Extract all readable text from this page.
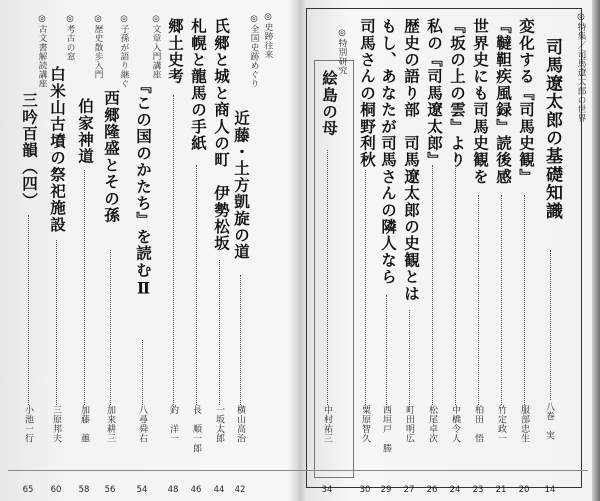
◎特集／司馬遼太郎の世界
◎特別研究
◎史跡往来
司馬遼太郎の基礎知識
八巻　実
14
変化する『司馬史観』
服部忠生
20
『韃靼疾風録』読後感
竹定政一
21
世界史にも司馬史観を
柏田　悟
23
『坂の上の雲』より
中橋令人
24
私の『司馬遼太郎』
松尾卓次
26
歴史の語り部　司馬遼太郎の史観とは
町田明広
27
もし、あなたが司馬さんの隣人なら
西垣戸　勝
29
司馬さんの桐野利秋
粟原智久
30
絵島の母
中村祐三
34
◎全国史跡めぐり
近藤・土方凱旋の道
横山高治
42
氏郷と城と商人の町　伊勢松坂
一坂太郎
44
札幌と龍馬の手紙
長　順一郎
46
郷土史考
釣　洋一
48
◎文章入門講座
『この国のかたち』を読むⅡ
八尋舜右
54
◎子孫が語り継ぐ
西郷隆盛とその孫
加来耕三
56
◎歴史散歩入門
伯家神道
加藤　蕙
58
◎考古の窓
白米山古墳の祭祀施設
三原邦夫
60
◎古文書解読講座
三吟百韻（四）
小池一行
65
